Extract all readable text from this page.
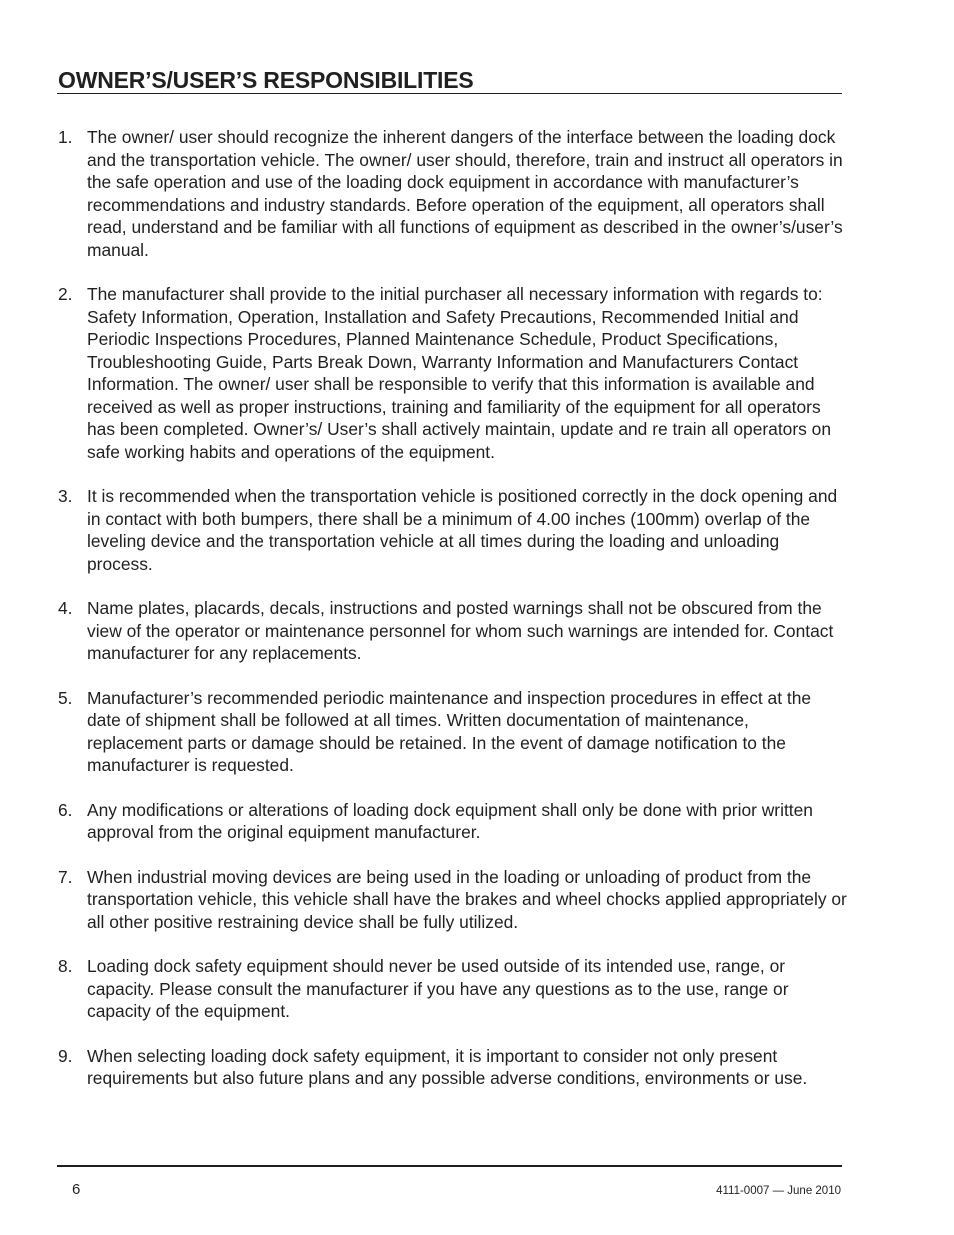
OWNER’S/USER’S RESPONSIBILITIES
1. The owner/ user should recognize the inherent dangers of the interface between the loading dock and the transportation vehicle. The owner/ user should, therefore, train and instruct all operators in the safe operation and use of the loading dock equipment in accordance with manufacturer’s recommendations and industry standards. Before operation of the equipment, all operators shall read, understand and be familiar with all functions of equipment as described in the owner’s/user’s manual.
2. The manufacturer shall provide to the initial purchaser all necessary information with regards to: Safety Information, Operation, Installation and Safety Precautions, Recommended Initial and Periodic Inspections Procedures, Planned Maintenance Schedule, Product Specifications, Troubleshooting Guide, Parts Break Down, Warranty Information and Manufacturers Contact Information. The owner/ user shall be responsible to verify that this information is available and received as well as proper instructions, training and familiarity of the equipment for all operators has been completed. Owner’s/ User’s shall actively maintain, update and re train all operators on safe working habits and operations of the equipment.
3. It is recommended when the transportation vehicle is positioned correctly in the dock opening and in contact with both bumpers, there shall be a minimum of 4.00 inches (100mm) overlap of the leveling device and the transportation vehicle at all times during the loading and unloading process.
4. Name plates, placards, decals, instructions and posted warnings shall not be obscured from the view of the operator or maintenance personnel for whom such warnings are intended for. Contact manufacturer for any replacements.
5. Manufacturer’s recommended periodic maintenance and inspection procedures in effect at the date of shipment shall be followed at all times. Written documentation of maintenance, replacement parts or damage should be retained. In the event of damage notification to the manufacturer is requested.
6. Any modifications or alterations of loading dock equipment shall only be done with prior written approval from the original equipment manufacturer.
7. When industrial moving devices are being used in the loading or unloading of product from the transportation vehicle, this vehicle shall have the brakes and wheel chocks applied appropriately or all other positive restraining device shall be fully utilized.
8. Loading dock safety equipment should never be used outside of its intended use, range, or capacity. Please consult the manufacturer if you have any questions as to the use, range or capacity of the equipment.
9. When selecting loading dock safety equipment, it is important to consider not only present requirements but also future plans and any possible adverse conditions, environments or use.
6	4111-0007 — June 2010
